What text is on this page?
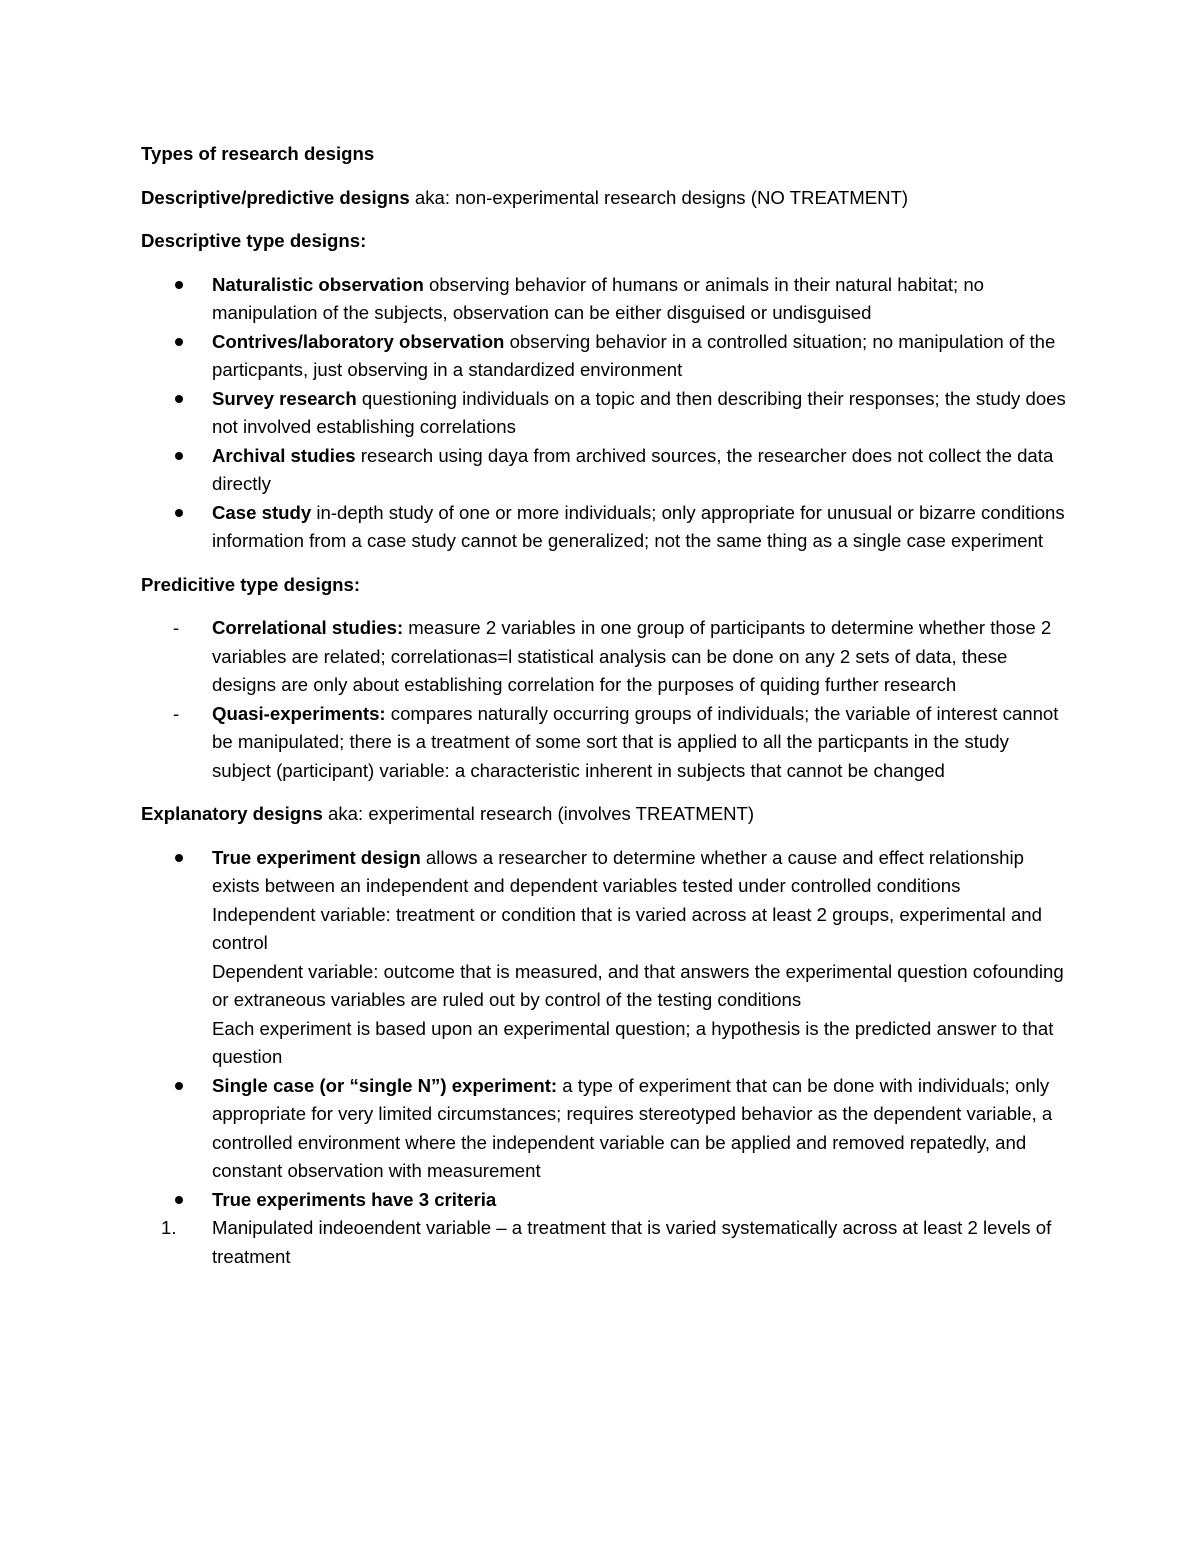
Types of research designs

Descriptive/predictive designs aka: non-experimental research designs (NO TREATMENT)

Descriptive type designs:

Naturalistic observation observing behavior of humans or animals in their natural habitat; no manipulation of the subjects, observation can be either disguised or undisguised
Contrives/laboratory observation observing behavior in a controlled situation; no manipulation of the particpants, just observing in a standardized environment
Survey research questioning individuals on a topic and then describing their responses; the study does not involved establishing correlations
Archival studies research using daya from archived sources, the researcher does not collect the data directly
Case study in-depth study of one or more individuals; only appropriate for unusual or bizarre conditions information from a case study cannot be generalized; not the same thing as a single case experiment

Predicitive type designs:

- Correlational studies: measure 2 variables in one group of participants to determine whether those 2 variables are related; correlationas=l statistical analysis can be done on any 2 sets of data, these designs are only about establishing correlation for the purposes of quiding further research
- Quasi-experiments: compares naturally occurring groups of individuals; the variable of interest cannot be manipulated; there is a treatment of some sort that is applied to all the particpants in the study subject (participant) variable: a characteristic inherent in subjects that cannot be changed

Explanatory designs aka: experimental research (involves TREATMENT)

True experiment design allows a researcher to determine whether a cause and effect relationship exists between an independent and dependent variables tested under controlled conditions
Independent variable: treatment or condition that is varied across at least 2 groups, experimental and control
Dependent variable: outcome that is measured, and that answers the experimental question cofounding or extraneous variables are ruled out by control of the testing conditions
Each experiment is based upon an experimental question; a hypothesis is the predicted answer to that question
Single case (or “single N”) experiment: a type of experiment that can be done with individuals; only appropriate for very limited circumstances; requires stereotyped behavior as the dependent variable, a controlled environment where the independent variable can be applied and removed repatedly, and constant observation with measurement
True experiments have 3 criteria
1. Manipulated indeoendent variable – a treatment that is varied systematically across at least 2 levels of treatment
